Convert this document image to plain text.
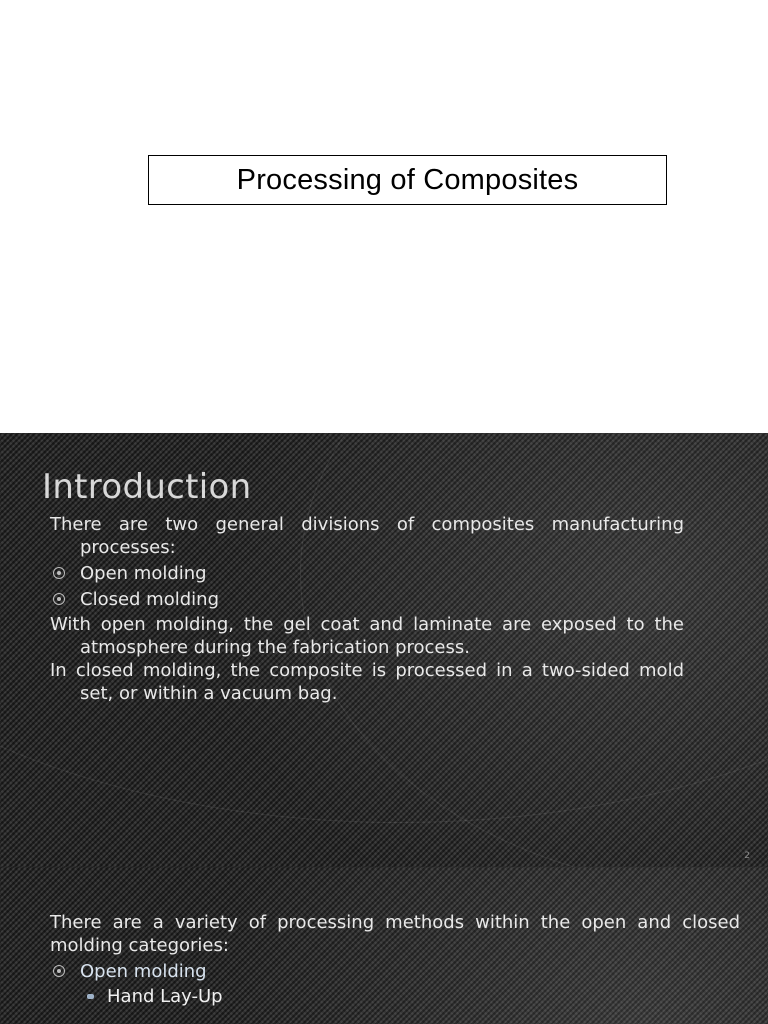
Processing of Composites
Introduction
There are two general divisions of composites manufacturing processes:
Open molding
Closed molding
With open molding, the gel coat and laminate are exposed to the atmosphere during the fabrication process.
In closed molding, the composite is processed in a two-sided mold set, or within a vacuum bag.
2
There are a variety of processing methods within the open and closed molding categories:
Open molding
Hand Lay-Up
